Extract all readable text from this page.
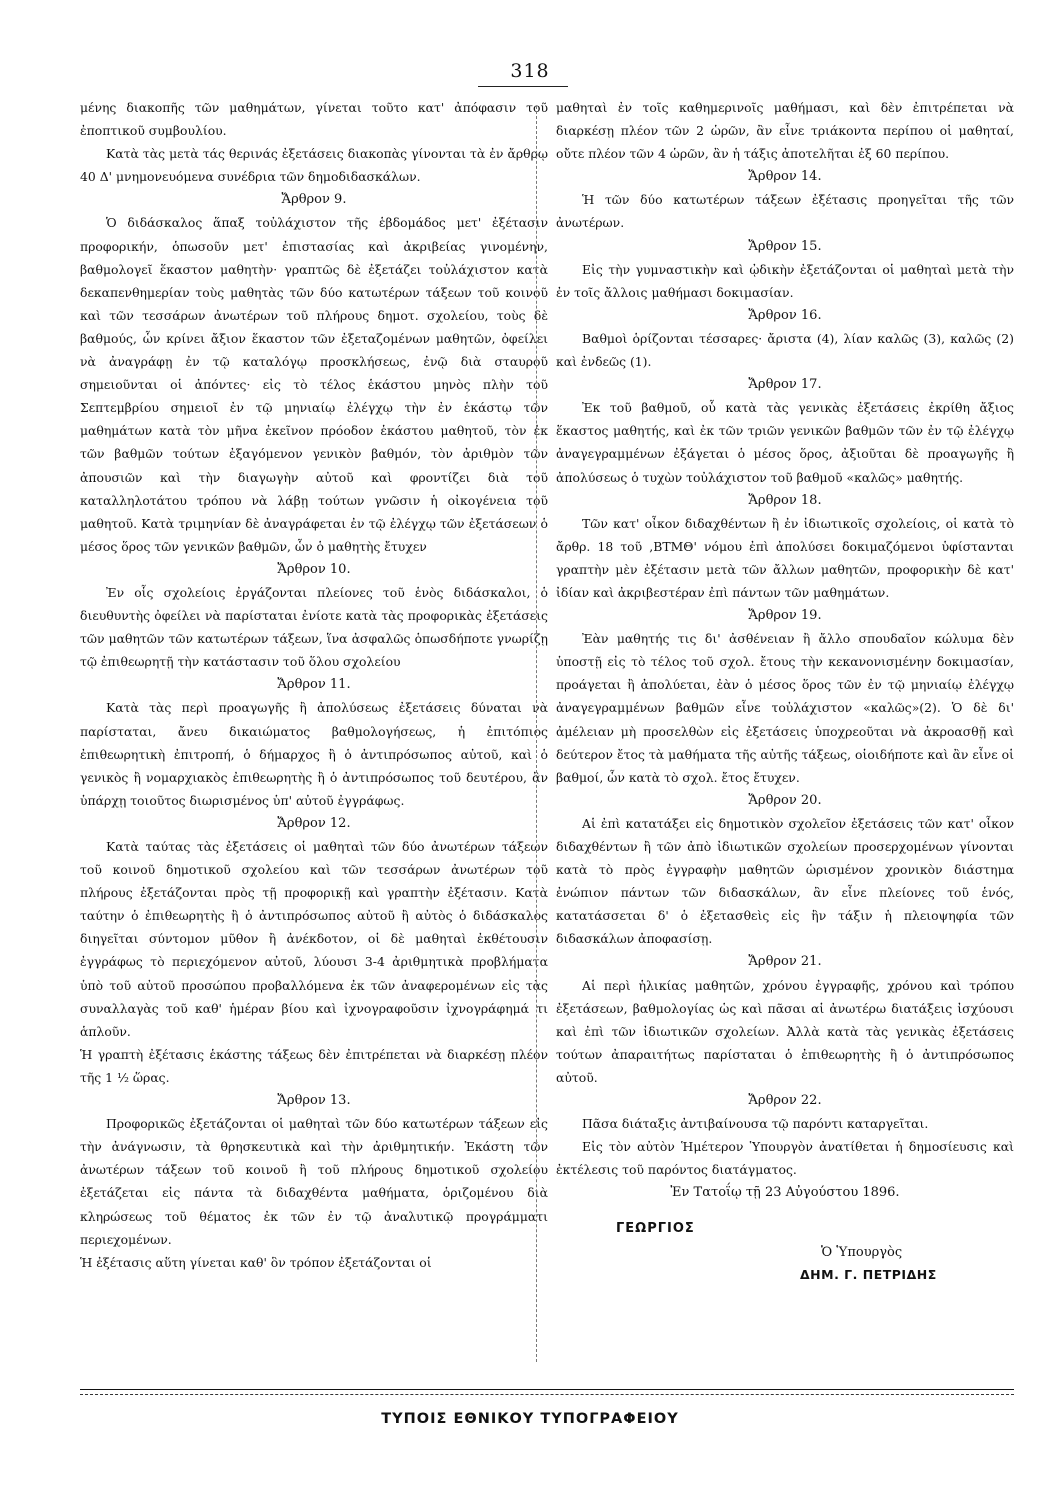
318

μένης διακοπῆς τῶν μαθημάτων, γίνεται τοῦτο κατ' ἀπόφασιν τοῦ ἐποπτικοῦ συμβουλίου.

Κατὰ τὰς μετὰ τάς θερινάς ἐξετάσεις διακοπὰς γίνονται τὰ ἐν ἄρθρῳ 40 Δ' μνημονευόμενα συνέδρια τῶν δημοδιδασκάλων.

Ἄρθρον 9.

Ὁ διδάσκαλος ἅπαξ τοὐλάχιστον τῆς ἑβδομάδος μετ' ἐξέτασιν προφορικήν, ὁπωσοῦν μετ' ἐπιστασίας καὶ ἀκριβείας γινομένην, βαθμολογεῖ ἕκαστον μαθητὴν· γραπτῶς δὲ ἐξετάζει τοὐλάχιστον κατὰ δεκαπενθημερίαν τοὺς μαθητὰς τῶν δύο κατωτέρων τάξεων τοῦ κοινοῦ καὶ τῶν τεσσάρων ἀνωτέρων τοῦ πλήρους δημοτ. σχολείου, τοὺς δὲ βαθμούς, ὧν κρίνει ἄξιον ἕκαστον τῶν ἐξεταζομένων μαθητῶν, ὀφείλει νὰ ἀναγράφῃ ἐν τῷ καταλόγῳ προσκλήσεως, ἐνῷ διὰ σταυροῦ σημειοῦνται οἱ ἀπόντες· εἰς τὸ τέλος ἑκάστου μηνὸς πλὴν τοῦ Σεπτεμβρίου σημειοῖ ἐν τῷ μηνιαίῳ ἐλέγχῳ τὴν ἐν ἑκάστῳ τῶν μαθημάτων κατὰ τὸν μῆνα ἐκεῖνον πρόοδον ἑκάστου μαθητοῦ, τὸν ἐκ τῶν βαθμῶν τούτων ἐξαγόμενον γενικὸν βαθμόν, τὸν ἀριθμὸν τῶν ἀπουσιῶν καὶ τὴν διαγωγὴν αὐτοῦ καὶ φροντίζει διὰ τοῦ καταλληλοτάτου τρόπου νὰ λάβῃ τούτων γνῶσιν ἡ οἰκογένεια τοῦ μαθητοῦ. Κατὰ τριμηνίαν δὲ ἀναγράφεται ἐν τῷ ἐλέγχῳ τῶν ἐξετάσεων ὁ μέσος ὅρος τῶν γενικῶν βαθμῶν, ὧν ὁ μαθητὴς ἔτυχεν

Ἄρθρον 10.

Ἐν οἷς σχολείοις ἐργάζονται πλείονες τοῦ ἑνὸς διδάσκαλοι, ὁ διευθυντὴς ὀφείλει νὰ παρίσταται ἐνίοτε κατὰ τὰς προφορικὰς ἐξετάσεις τῶν μαθητῶν τῶν κατωτέρων τάξεων, ἵνα ἀσφαλῶς ὁπωσδήποτε γνωρίζῃ τῷ ἐπιθεωρητῇ τὴν κατάστασιν τοῦ ὅλου σχολείου

Ἄρθρον 11.

Κατὰ τὰς περὶ προαγωγῆς ἢ ἀπολύσεως ἐξετάσεις δύναται νὰ παρίσταται, ἄνευ δικαιώματος βαθμολογήσεως, ἡ ἐπιτόπιος ἐπιθεωρητικὴ ἐπιτροπή, ὁ δήμαρχος ἢ ὁ ἀντιπρόσωπος αὐτοῦ, καὶ ὁ γενικὸς ἢ νομαρχιακὸς ἐπιθεωρητὴς ἢ ὁ ἀντιπρόσωπος τοῦ δευτέρου, ἂν ὑπάρχῃ τοιοῦτος διωρισμένος ὑπ' αὐτοῦ ἐγγράφως.

Ἄρθρον 12.

Κατὰ ταύτας τὰς ἐξετάσεις οἱ μαθηταὶ τῶν δύο ἀνωτέρων τάξεων τοῦ κοινοῦ δημοτικοῦ σχολείου καὶ τῶν τεσσάρων ἀνωτέρων τοῦ πλήρους ἐξετάζονται πρὸς τῇ προφορικῇ καὶ γραπτὴν ἐξέτασιν. Κατὰ ταύτην ὁ ἐπιθεωρητὴς ἢ ὁ ἀντιπρόσωπος αὐτοῦ ἢ αὐτὸς ὁ διδάσκαλος διηγεῖται σύντομον μῦθον ἢ ἀνέκδοτον, οἱ δὲ μαθηταὶ ἐκθέτουσιν ἐγγράφως τὸ περιεχόμενον αὐτοῦ, λύουσι 3-4 ἀριθμητικὰ προβλήματα ὑπὸ τοῦ αὐτοῦ προσώπου προβαλλόμενα ἐκ τῶν ἀναφερομένων εἰς τὰς συναλλαγὰς τοῦ καθ' ἡμέραν βίου καὶ ἰχνογραφοῦσιν ἰχνογράφημά τι ἁπλοῦν.

Ἡ γραπτὴ ἐξέτασις ἑκάστης τάξεως δὲν ἐπιτρέπεται νὰ διαρκέσῃ πλέον τῆς 1 ½ ὥρας.

Ἄρθρον 13.

Προφορικῶς ἐξετάζονται οἱ μαθηταὶ τῶν δύο κατωτέρων τάξεων εἰς τὴν ἀνάγνωσιν, τὰ θρησκευτικὰ καὶ τὴν ἀριθμητικήν. Ἑκάστη τῶν ἀνωτέρων τάξεων τοῦ κοινοῦ ἢ τοῦ πλήρους δημοτικοῦ σχολείου ἐξετάζεται εἰς πάντα τὰ διδαχθέντα μαθήματα, ὁριζομένου διὰ κληρώσεως τοῦ θέματος ἐκ τῶν ἐν τῷ ἀναλυτικῷ προγράμματι περιεχομένων.

Ἡ ἐξέτασις αὕτη γίνεται καθ' ὃν τρόπον ἐξετάζονται οἱ

μαθηταὶ ἐν τοῖς καθημερινοῖς μαθήμασι, καὶ δὲν ἐπιτρέπεται νὰ διαρκέσῃ πλέον τῶν 2 ὡρῶν, ἂν εἶνε τριάκοντα περίπου οἱ μαθηταί, οὔτε πλέον τῶν 4 ὡρῶν, ἂν ἡ τάξις ἀποτελῆται ἐξ 60 περίπου.

Ἄρθρον 14.

Ἡ τῶν δύο κατωτέρων τάξεων ἐξέτασις προηγεῖται τῆς τῶν ἀνωτέρων.

Ἄρθρον 15.

Εἰς τὴν γυμναστικὴν καὶ ᾠδικὴν ἐξετάζονται οἱ μαθηταὶ μετὰ τὴν ἐν τοῖς ἄλλοις μαθήμασι δοκιμασίαν.

Ἄρθρον 16.

Βαθμοὶ ὁρίζονται τέσσαρες· ἄριστα (4), λίαν καλῶς (3), καλῶς (2) καὶ ἐνδεῶς (1).

Ἄρθρον 17.

Ἐκ τοῦ βαθμοῦ, οὗ κατὰ τὰς γενικὰς ἐξετάσεις ἐκρίθη ἄξιος ἕκαστος μαθητής, καὶ ἐκ τῶν τριῶν γενικῶν βαθμῶν τῶν ἐν τῷ ἐλέγχῳ ἀναγεγραμμένων ἐξάγεται ὁ μέσος ὅρος, ἀξιοῦται δὲ προαγωγῆς ἢ ἀπολύσεως ὁ τυχὼν τοὐλάχιστον τοῦ βαθμοῦ «καλῶς» μαθητής.

Ἄρθρον 18.

Τῶν κατ' οἶκον διδαχθέντων ἢ ἐν ἰδιωτικοῖς σχολείοις, οἱ κατὰ τὸ ἄρθρ. 18 τοῦ ,ΒΤΜΘ' νόμου ἐπὶ ἀπολύσει δοκιμαζόμενοι ὑφίστανται γραπτὴν μὲν ἐξέτασιν μετὰ τῶν ἄλλων μαθητῶν, προφορικὴν δὲ κατ' ἰδίαν καὶ ἀκριβεστέραν ἐπὶ πάντων τῶν μαθημάτων.

Ἄρθρον 19.

Ἐὰν μαθητής τις δι' ἀσθένειαν ἢ ἄλλο σπουδαῖον κώλυμα δὲν ὑποστῇ εἰς τὸ τέλος τοῦ σχολ. ἔτους τὴν κεκανονισμένην δοκιμασίαν, προάγεται ἢ ἀπολύεται, ἐὰν ὁ μέσος ὅρος τῶν ἐν τῷ μηνιαίῳ ἐλέγχῳ ἀναγεγραμμένων βαθμῶν εἶνε τοὐλάχιστον «καλῶς»(2). Ὁ δὲ δι' ἀμέλειαν μὴ προσελθὼν εἰς ἐξετάσεις ὑποχρεοῦται νὰ ἀκροασθῇ καὶ δεύτερον ἔτος τὰ μαθήματα τῆς αὐτῆς τάξεως, οἱοιδήποτε καὶ ἂν εἶνε οἱ βαθμοί, ὧν κατὰ τὸ σχολ. ἔτος ἔτυχεν.

Ἄρθρον 20.

Αἱ ἐπὶ κατατάξει εἰς δημοτικὸν σχολεῖον ἐξετάσεις τῶν κατ' οἶκον διδαχθέντων ἢ τῶν ἀπὸ ἰδιωτικῶν σχολείων προσερχομένων γίνονται κατὰ τὸ πρὸς ἐγγραφὴν μαθητῶν ὡρισμένον χρονικὸν διάστημα ἐνώπιον πάντων τῶν διδασκάλων, ἂν εἶνε πλείονες τοῦ ἑνός, κατατάσσεται δ' ὁ ἐξετασθεὶς εἰς ἣν τάξιν ἡ πλειοψηφία τῶν διδασκάλων ἀποφασίσῃ.

Ἄρθρον 21.

Αἱ περὶ ἡλικίας μαθητῶν, χρόνου ἐγγραφῆς, χρόνου καὶ τρόπου ἐξετάσεων, βαθμολογίας ὡς καὶ πᾶσαι αἱ ἀνωτέρω διατάξεις ἰσχύουσι καὶ ἐπὶ τῶν ἰδιωτικῶν σχολείων. Ἀλλὰ κατὰ τὰς γενικὰς ἐξετάσεις τούτων ἀπαραιτήτως παρίσταται ὁ ἐπιθεωρητὴς ἢ ὁ ἀντιπρόσωπος αὐτοῦ.

Ἄρθρον 22.

Πᾶσα διάταξις ἀντιβαίνουσα τῷ παρόντι καταργεῖται.

Εἰς τὸν αὐτὸν Ἡμέτερον Ὑπουργὸν ἀνατίθεται ἡ δημοσίευσις καὶ ἐκτέλεσις τοῦ παρόντος διατάγματος.

Ἐν Τατοΐῳ τῇ 23 Αὐγούστου 1896.
ΓΕΩΡΓΙΟΣ
Ὁ Ὑπουργὸς
ΔΗΜ. Γ. ΠΕΤΡΙΔΗΣ
ΤΥΠΟΙΣ ΕΘΝΙΚΟΥ ΤΥΠΟΓΡΑΦΕΙΟΥ
